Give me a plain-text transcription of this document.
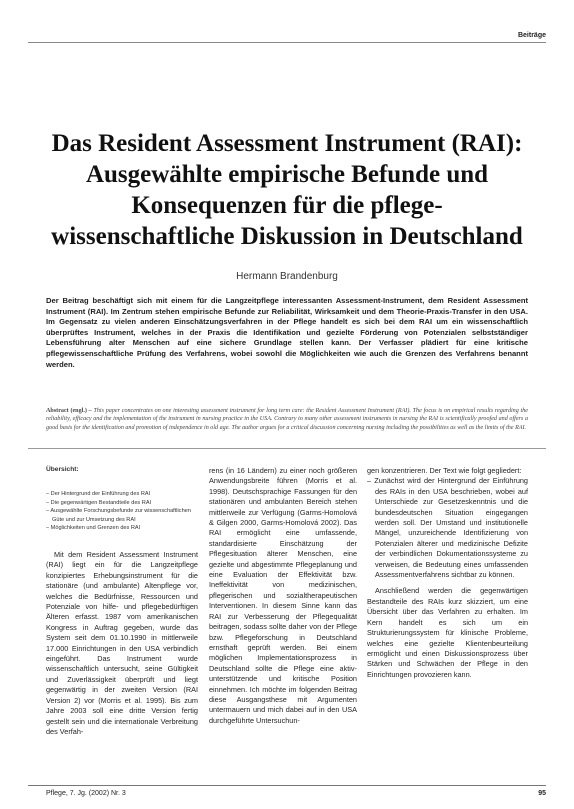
Beiträge
Das Resident Assessment Instrument (RAI):
Ausgewählte empirische Befunde und
Konsequenzen für die pflege-
wissenschaftliche Diskussion in Deutschland
Hermann Brandenburg

Der Beitrag beschäftigt sich mit einem für die Langzeitpflege interessanten Assessment-Instrument, dem Resident Assessment Instrument (RAI). Im Zentrum stehen empirische Befunde zur Reliabilität, Wirksamkeit und dem Theorie-Praxis-Transfer in den USA. Im Gegensatz zu vielen anderen Einschätzungsverfahren in der Pflege handelt es sich bei dem RAI um ein wissenschaftlich überprüftes Instrument, welches in der Praxis die Identifikation und gezielte Förderung von Potenzialen selbstständiger Lebensführung alter Menschen auf eine sichere Grundlage stellen kann. Der Verfasser plädiert für eine kritische pflegewissenschaftliche Prüfung des Verfahrens, wobei sowohl die Möglichkeiten wie auch die Grenzen des Verfahrens benannt werden.

Abstract (engl.) – This paper concentrates on one interesting assessment instrument for long term care: the Resident Assessment Instrument (RAI). The focus is on empirical results regarding the reliability, efficacy and the implementation of the instrument in nursing practice in the USA. Contrary to many other assessment instruments in nursing the RAI is scientifically proofed and offers a good basis for the identification and promotion of independence in old age. The author argues for a critical discussion concerning nursing including the possibilities as well as the limits of the RAI.

Übersicht:
– Der Hintergrund der Einführung des RAI
– Die gegenwärtigen Bestandteile des RAI
– Ausgewählte Forschungsbefunde zur wissenschaftlichen Güte und zur Umsetzung des RAI
– Möglichkeiten und Grenzen des RAI

Mit dem Resident Assessment Instrument (RAI) liegt ein für die Langzeitpflege konzipiertes Erhebungsinstrument für die stationäre (und ambulante) Altenpflege vor, welches die Bedürfnisse, Ressourcen und Potenziale von hilfe- und pflegebedürftigen Älteren erfasst. 1987 vom amerikanischen Kongress in Auftrag gegeben, wurde das System seit dem 01.10.1990 in mittlerweile 17.000 Einrichtungen in den USA verbindlich eingeführt. Das Instrument wurde wissenschaftlich untersucht, seine Gültigkeit und Zuverlässigkeit überprüft und liegt gegenwärtig in der zweiten Version (RAI Version 2) vor (Morris et al. 1995). Bis zum Jahre 2003 soll eine dritte Version fertig gestellt sein und die internationale Verbreitung des Verfah-

rens (in 16 Ländern) zu einer noch größeren Anwendungsbreite führen (Morris et al. 1998). Deutschsprachige Fassungen für den stationären und ambulanten Bereich stehen mittlerweile zur Verfügung (Garms-Homolová & Gilgen 2000, Garms-Homolová 2002). Das RAI ermöglicht eine umfassende, standardisierte Einschätzung der Pflegesituation älterer Menschen, eine gezielte und abgestimmte Pflegeplanung und eine Evaluation der Effektivität bzw. Ineffektivität von medizinischen, pflegerischen und sozialtherapeutischen Interventionen. In diesem Sinne kann das RAI zur Verbesserung der Pflegequalität beitragen, sodass sollte daher von der Pflege bzw. Pflegeforschung in Deutschland ernsthaft geprüft werden. Bei einem möglichen Implementationsprozess in Deutschland sollte die Pflege eine aktiv-unterstützende und kritische Position einnehmen. Ich möchte im folgenden Beitrag diese Ausgangsthese mit Argumenten untermauern und mich dabei auf in den USA durchgeführte Untersuchun-

gen konzentrieren. Der Text wie folgt gegliedert:
– Zunächst wird der Hintergrund der Einführung des RAIs in den USA beschrieben, wobei auf Unterschiede zur Gesetzeskenntnis und die bundesdeutschen Situation eingegangen werden soll. Der Umstand und institutionelle Mängel, unzureichende Identifizierung von Potenzialen älterer und medizinische Defizite der verbindlichen Dokumentationssysteme zu verweisen, die Bedeutung eines umfassenden Assessmentverfahrens sichtbar zu können.
Anschließend werden die gegenwärtigen Bestandteile des RAIs kurz skizziert, um eine Übersicht über das Verfahren zu erhalten. Im Kern handelt es sich um ein Strukturierungssystem für klinische Probleme, welches eine gezielte Klientenbeurteilung ermöglicht und einen Diskussionsprozess über Stärken und Schwächen der Pflege in den Einrichtungen provozieren kann.
Pflege, 7. Jg. (2002) Nr. 3	95
